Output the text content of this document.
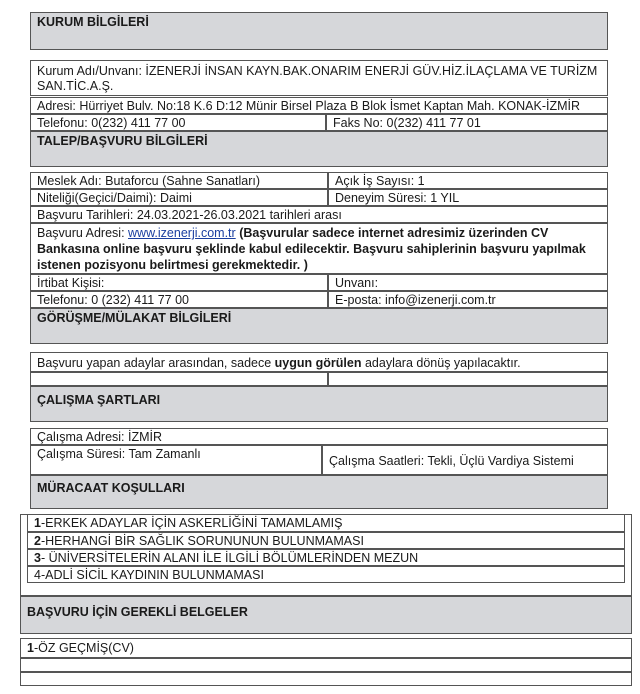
KURUM BİLGİLERİ
Kurum Adı/Unvanı: İZENERJİ İNSAN KAYN.BAK.ONARIM ENERJİ GÜV.HİZ.İLAÇLAMA VE TURİZM SAN.TİC.A.Ş.
Adresi: Hürriyet Bulv. No:18 K.6 D:12 Münir Birsel Plaza B Blok İsmet Kaptan Mah. KONAK-İZMİR
Telefonu: 0(232) 411 77 00	Faks No: 0(232) 411 77 01
TALEP/BAŞVURU BİLGİLERİ
Meslek Adı: Butaforcu (Sahne Sanatları)	Açık İş Sayısı: 1
Niteliği(Geçici/Daimi): Daimi	Deneyim Süresi: 1 YIL
Başvuru Tarihleri: 24.03.2021-26.03.2021 tarihleri arası
Başvuru Adresi: www.izenerji.com.tr (Başvurular sadece internet adresimiz üzerinden CV Bankasına online başvuru şeklinde kabul edilecektir. Başvuru sahiplerinin başvuru yapılmak istenen pozisyonu belirtmesi gerekmektedir. )
İrtibat Kişisi:	Unvanı:
Telefonu: 0 (232) 411 77 00	E-posta: info@izenerji.com.tr
GÖRÜŞME/MÜLAKAT BİLGİLERİ
Başvuru yapan adaylar arasından, sadece uygun görülen adaylara dönüş yapılacaktır.
ÇALIŞMA ŞARTLARI
Çalışma Adresi: İZMİR
Çalışma Süresi: Tam Zamanlı	Çalışma Saatleri: Tekli, Üçlü Vardiya Sistemi
MÜRACAAT KOŞULLARI
1-ERKEK ADAYLAR İÇİN ASKERLİĞİNİ TAMAMLAMIŞ
2-HERHANGİ BİR SAĞLIK SORUNUNUN BULUNMAMASI
3- ÜNİVERSİTELERİN ALANI İLE İLGİLİ BÖLÜMLERİNDEN MEZUN
4-ADLİ SİCİL KAYDININ BULUNMAMASI
BAŞVURU İÇİN GEREKLİ BELGELER
1-ÖZ GEÇMİŞ(CV)
